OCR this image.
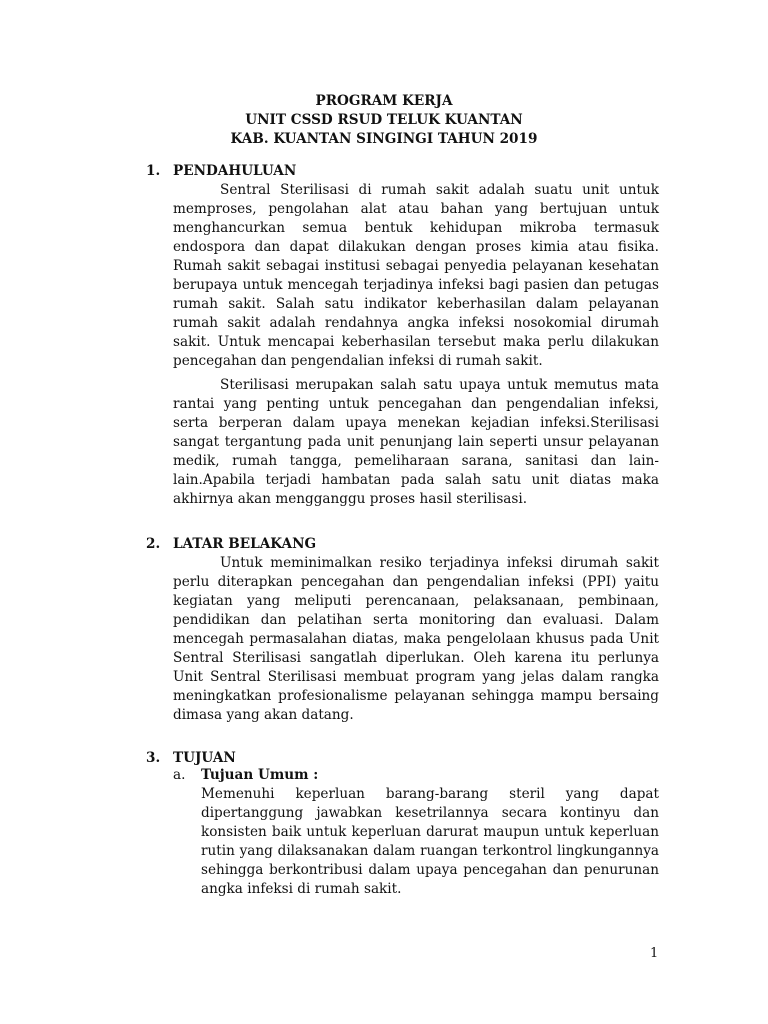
PROGRAM KERJA
UNIT CSSD RSUD TELUK KUANTAN
KAB. KUANTAN SINGINGI TAHUN 2019
1. PENDAHULUAN
Sentral Sterilisasi di rumah sakit adalah suatu unit untuk memproses, pengolahan alat atau bahan yang bertujuan untuk menghancurkan semua bentuk kehidupan mikroba termasuk endospora dan dapat dilakukan dengan proses kimia atau fisika. Rumah sakit sebagai institusi sebagai penyedia pelayanan kesehatan berupaya untuk mencegah terjadinya infeksi bagi pasien dan petugas rumah sakit. Salah satu indikator keberhasilan dalam pelayanan rumah sakit adalah rendahnya angka infeksi nosokomial dirumah sakit. Untuk mencapai keberhasilan tersebut maka perlu dilakukan pencegahan dan pengendalian infeksi di rumah sakit.
Sterilisasi merupakan salah satu upaya untuk memutus mata rantai yang penting untuk pencegahan dan pengendalian infeksi, serta berperan dalam upaya menekan kejadian infeksi.Sterilisasi sangat tergantung pada unit penunjang lain seperti unsur pelayanan medik, rumah tangga, pemeliharaan sarana, sanitasi dan lain-lain.Apabila terjadi hambatan pada salah satu unit diatas maka akhirnya akan mengganggu proses hasil sterilisasi.
2. LATAR BELAKANG
Untuk meminimalkan resiko terjadinya infeksi dirumah sakit perlu diterapkan pencegahan dan pengendalian infeksi (PPI) yaitu kegiatan yang meliputi perencanaan, pelaksanaan, pembinaan, pendidikan dan pelatihan serta monitoring dan evaluasi. Dalam mencegah permasalahan diatas, maka pengelolaan khusus pada Unit Sentral Sterilisasi sangatlah diperlukan. Oleh karena itu perlunya Unit Sentral Sterilisasi membuat program yang jelas dalam rangka meningkatkan profesionalisme pelayanan sehingga mampu bersaing dimasa yang akan datang.
3. TUJUAN
a. Tujuan Umum :
Memenuhi keperluan barang-barang steril yang dapat dipertanggung jawabkan kesetrilannya secara kontinyu dan konsisten baik untuk keperluan darurat maupun untuk keperluan rutin yang dilaksanakan dalam ruangan terkontrol lingkungannya sehingga berkontribusi dalam upaya pencegahan dan penurunan angka infeksi di rumah sakit.
1
